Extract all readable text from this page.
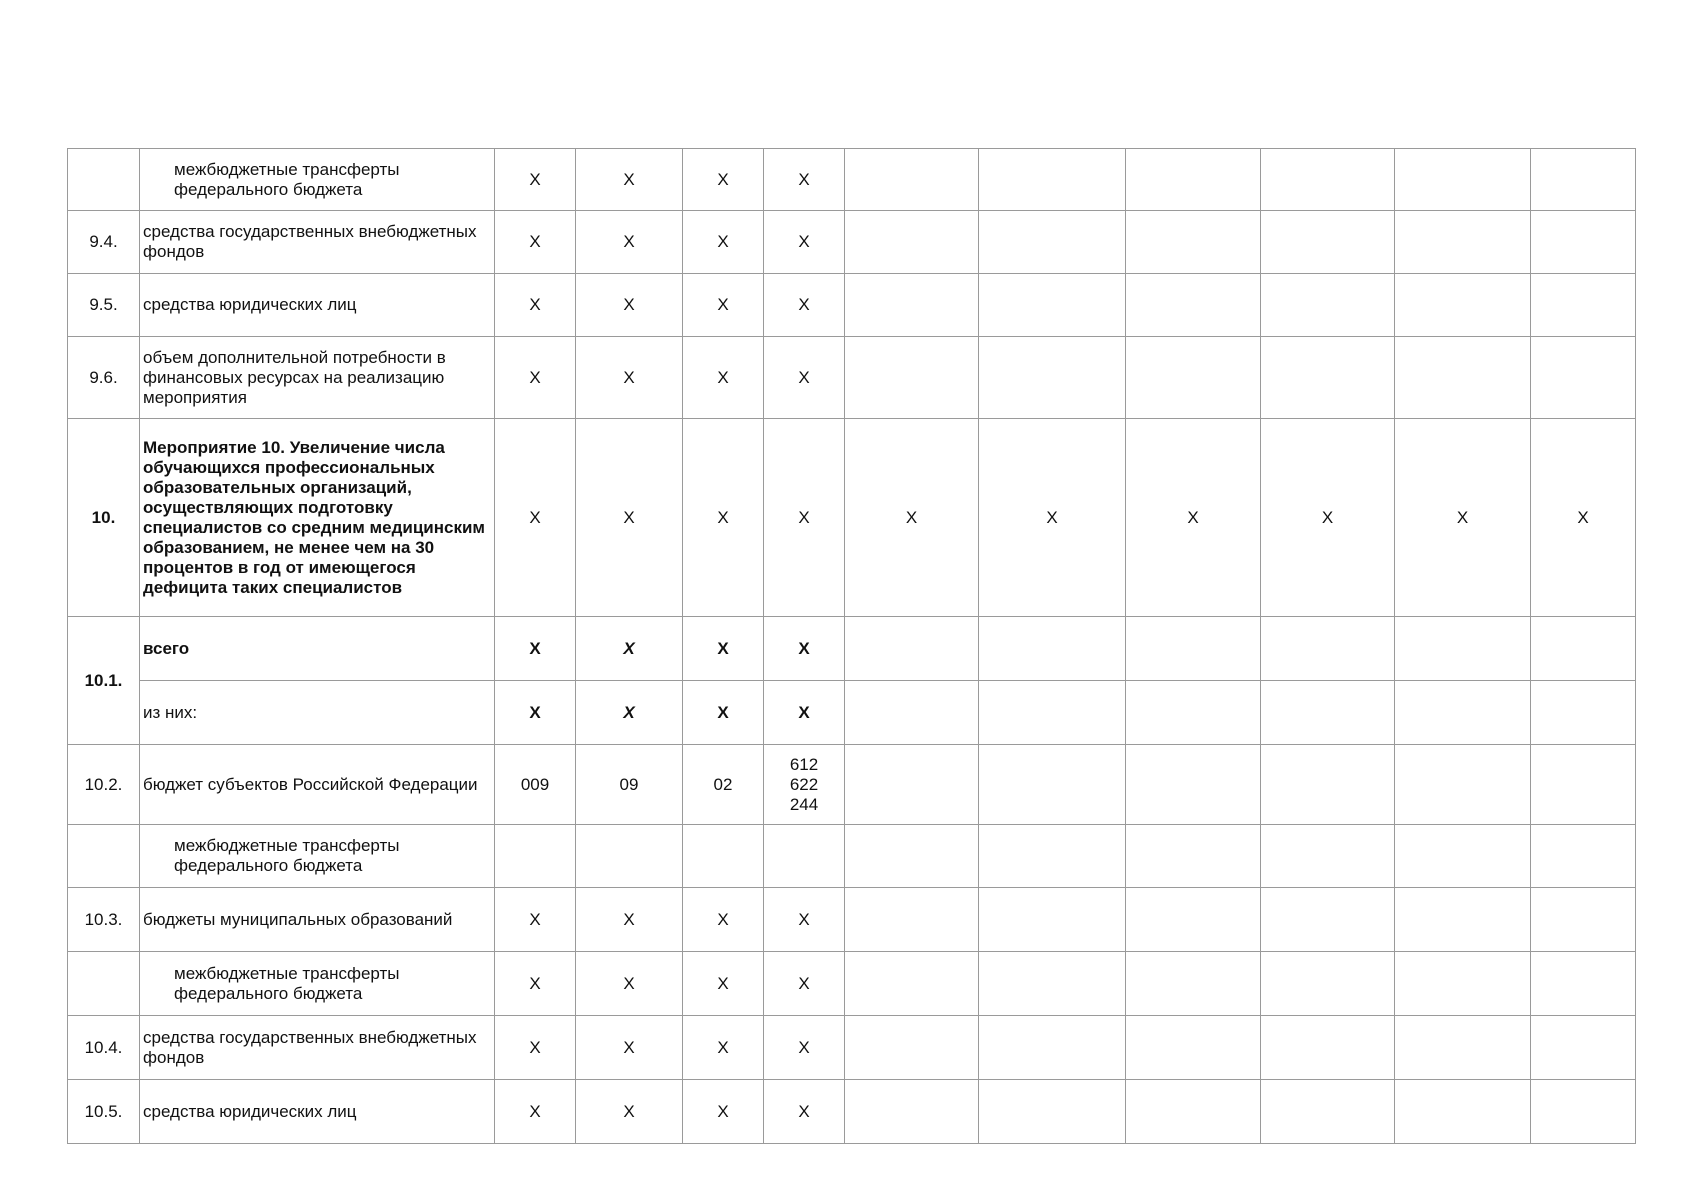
	межбюджетные трансферты федерального бюджета	X	X	X	X						
9.4.	средства государственных внебюджетных фондов	X	X	X	X						
9.5.	средства юридических лиц	X	X	X	X						
9.6.	объем дополнительной потребности в финансовых ресурсах на реализацию мероприятия	X	X	X	X						
10.	Мероприятие 10. Увеличение числа обучающихся профессиональных образовательных организаций, осуществляющих подготовку специалистов со средним медицинским образованием, не менее чем на 30 процентов в год от имеющегося дефицита таких специалистов	X	X	X	X	X	X	X	X	X	X
10.1.	всего	X	X	X	X						
	из них:	X	X	X	X						
10.2.	бюджет субъектов Российской Федерации	009	09	02	612
622
244						
	межбюджетные трансферты федерального бюджета										
10.3.	бюджеты муниципальных образований	X	X	X	X						
	межбюджетные трансферты федерального бюджета	X	X	X	X						
10.4.	средства государственных внебюджетных фондов	X	X	X	X						
10.5.	средства юридических лиц	X	X	X	X						
